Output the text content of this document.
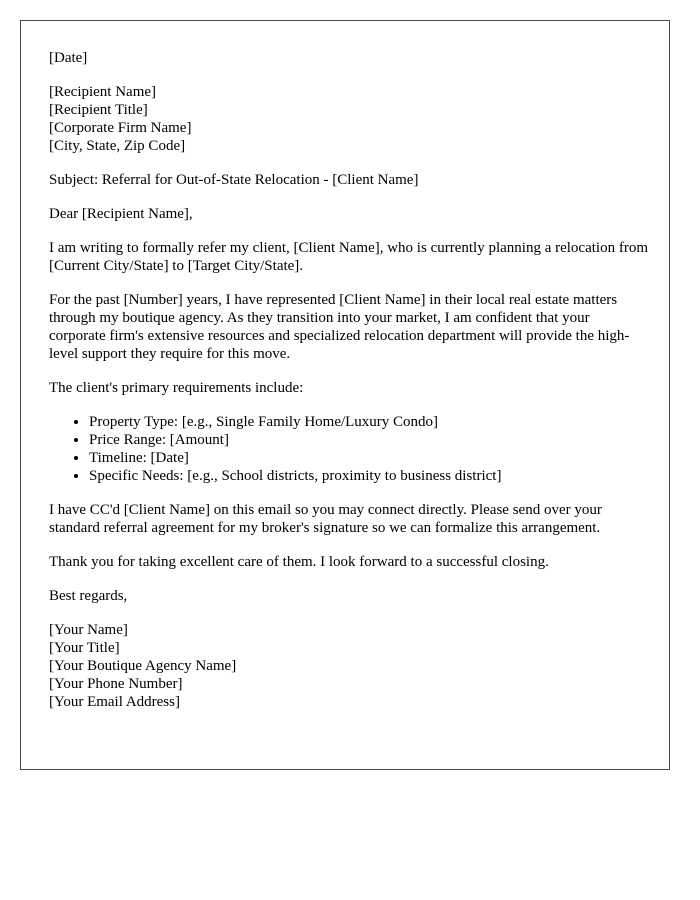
[Date]

[Recipient Name]
[Recipient Title]
[Corporate Firm Name]
[City, State, Zip Code]

Subject: Referral for Out-of-State Relocation - [Client Name]

Dear [Recipient Name],

I am writing to formally refer my client, [Client Name], who is currently planning a relocation from [Current City/State] to [Target City/State].

For the past [Number] years, I have represented [Client Name] in their local real estate matters through my boutique agency. As they transition into your market, I am confident that your corporate firm's extensive resources and specialized relocation department will provide the high-level support they require for this move.

The client's primary requirements include:

• Property Type: [e.g., Single Family Home/Luxury Condo]
• Price Range: [Amount]
• Timeline: [Date]
• Specific Needs: [e.g., School districts, proximity to business district]

I have CC'd [Client Name] on this email so you may connect directly. Please send over your standard referral agreement for my broker's signature so we can formalize this arrangement.

Thank you for taking excellent care of them. I look forward to a successful closing.

Best regards,

[Your Name]
[Your Title]
[Your Boutique Agency Name]
[Your Phone Number]
[Your Email Address]
